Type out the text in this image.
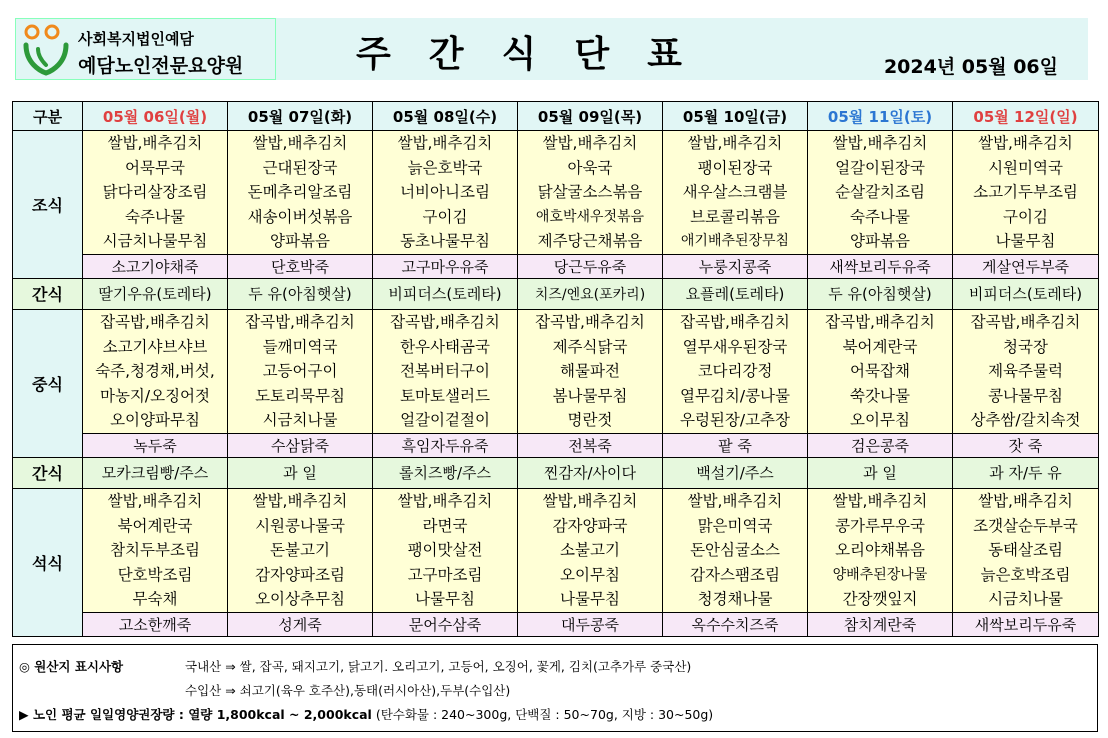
사회복지법인예담
예담노인전문요양원	주간식단표	2024년 05월 06일
구분	05월 06일(월)	05월 07일(화)	05월 08일(수)	05월 09일(목)	05월 10일(금)	05월 11일(토)	05월 12일(일)
조식	쌀밥,배추김치
어묵무국
닭다리살장조림
숙주나물
시금치나물무침	쌀밥,배추김치
근대된장국
돈메추리알조림
새송이버섯볶음
양파볶음	쌀밥,배추김치
늙은호박국
너비아니조림
구이김
동초나물무침	쌀밥,배추김치
아욱국
닭살굴소스볶음
애호박새우젓볶음
제주당근채볶음	쌀밥,배추김치
팽이된장국
새우살스크램블
브로콜리볶음
애기배추된장무침	쌀밥,배추김치
얼갈이된장국
순살갈치조림
숙주나물
양파볶음	쌀밥,배추김치
시원미역국
소고기두부조림
구이김
나물무침

	소고기야채죽	단호박죽	고구마우유죽	당근두유죽	누룽지콩죽	새싹보리두유죽	게살연두부죽
간식	딸기우유(토레타)	두 유(아침햇살)	비피더스(토레타)	치즈/엔요(포카리)	요플레(토레타)	두 유(아침햇살)	비피더스(토레타)
중식	잡곡밥,배추김치
소고기샤브샤브
숙주,청경채,버섯,
마농지/오징어젓
오이양파무침	잡곡밥,배추김치
들깨미역국
고등어구이
도토리묵무침
시금치나물	잡곡밥,배추김치
한우사태곰국
전복버터구이
토마토샐러드
얼갈이겉절이	잡곡밥,배추김치
제주식닭국
해물파전
봄나물무침
명란젓	잡곡밥,배추김치
열무새우된장국
코다리강정
열무김치/콩나물
우렁된장/고추장	잡곡밥,배추김치
북어계란국
어묵잡채
쑥갓나물
오이무침	잡곡밥,배추김치
청국장
제육주물럭
콩나물무침
상추쌈/갈치속젓

	녹두죽	수삼닭죽	흑임자두유죽	전복죽	팥 죽	검은콩죽	잣 죽
간식	모카크림빵/주스	과 일	롤치즈빵/주스	찐감자/사이다	백설기/주스	과 일	과 자/두 유
석식	쌀밥,배추김치
북어계란국
참치두부조림
단호박조림
무숙채	쌀밥,배추김치
시원콩나물국
돈불고기
감자양파조림
오이상추무침	쌀밥,배추김치
라면국
팽이맛살전
고구마조림
나물무침	쌀밥,배추김치
감자양파국
소불고기
오이무침
나물무침	쌀밥,배추김치
맑은미역국
돈안심굴소스
감자스팸조림
청경채나물	쌀밥,배추김치
콩가루무우국
오리야채볶음
양배추된장나물
간장깻잎지	쌀밥,배추김치
조갯살순두부국
동태살조림
늙은호박조림
시금치나물

	고소한깨죽	성게죽	문어수삼죽	대두콩죽	옥수수치즈죽	참치계란죽	새싹보리두유죽
◎ 원산지 표시사항	국내산 ⇒ 쌀, 잡곡, 돼지고기, 닭고기. 오리고기, 고등어, 오징어, 꽃게, 김치(고추가루 중국산)
수입산 ⇒ 쇠고기(육우 호주산),동태(러시아산),두부(수입산)
▶ 노인 평균 일일영양권장량 : 열량 1,800kcal ~ 2,000kcal (탄수화물 : 240~300g, 단백질 : 50~70g, 지방 : 30~50g)
